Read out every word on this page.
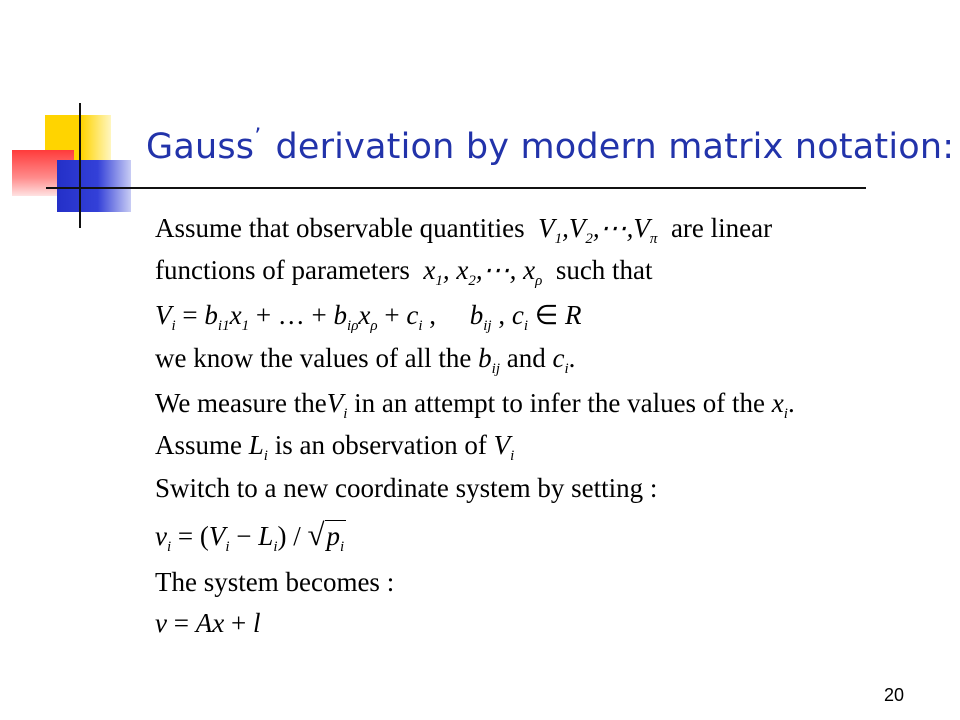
Gauss’ derivation by modern matrix notation:
Assume that observable quantities  $V_1,V_2,\cdots,V_\pi$ are linear
functions of parameters  $x_1$, $x_2,\cdots$, $x_\rho$ such that
$V_i = b_{i1}x_1$ + … + $b_{i\rho}x_\rho + c_i$ ,     $b_{ij}$ , $c_i$ ∈ R
we know the values of all the $b_{ij}$ and $c_i$.
We measure theV$_i$ in an attempt to infer the values of the $x_i$.
Assume $L_i$ is an observation of $V_i$
Switch to a new coordinate system by setting :
$v_i = (V_i - L_i) / √p_i$
The system becomes :
v = Ax + l
20
